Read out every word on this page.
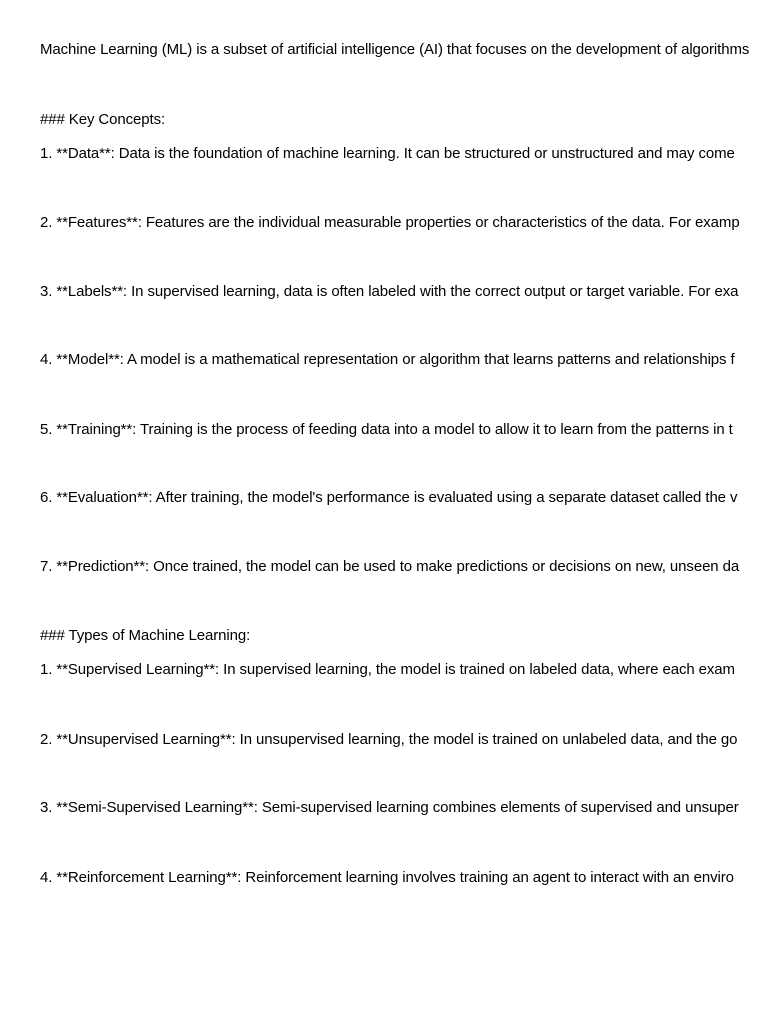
Machine Learning (ML) is a subset of artificial intelligence (AI) that focuses on the development of algorithms
### Key Concepts:
1. **Data**: Data is the foundation of machine learning. It can be structured or unstructured and may come
2. **Features**: Features are the individual measurable properties or characteristics of the data. For examp
3. **Labels**: In supervised learning, data is often labeled with the correct output or target variable. For exa
4. **Model**: A model is a mathematical representation or algorithm that learns patterns and relationships f
5. **Training**: Training is the process of feeding data into a model to allow it to learn from the patterns in t
6. **Evaluation**: After training, the model's performance is evaluated using a separate dataset called the v
7. **Prediction**: Once trained, the model can be used to make predictions or decisions on new, unseen da
### Types of Machine Learning:
1. **Supervised Learning**: In supervised learning, the model is trained on labeled data, where each exam
2. **Unsupervised Learning**: In unsupervised learning, the model is trained on unlabeled data, and the go
3. **Semi-Supervised Learning**: Semi-supervised learning combines elements of supervised and unsuper
4. **Reinforcement Learning**: Reinforcement learning involves training an agent to interact with an enviro
